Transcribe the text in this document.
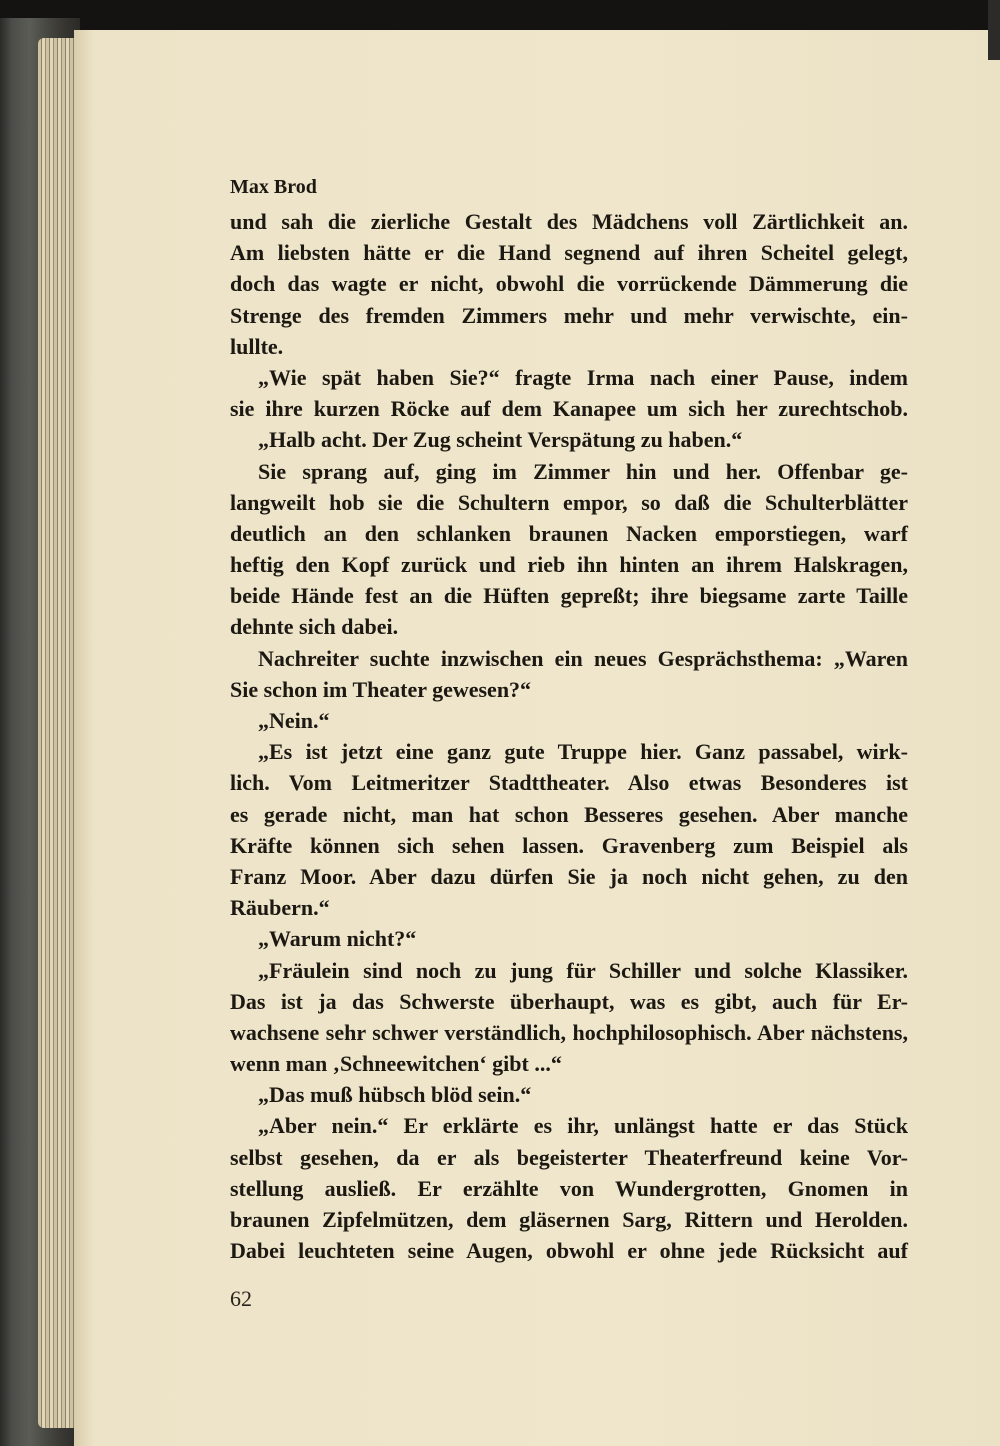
Max Brod
und sah die zierliche Gestalt des Mädchens voll Zärtlichkeit an.
Am liebsten hätte er die Hand segnend auf ihren Scheitel gelegt,
doch das wagte er nicht, obwohl die vorrückende Dämmerung die
Strenge des fremden Zimmers mehr und mehr verwischte, ein-
lullte.
„Wie spät haben Sie?“ fragte Irma nach einer Pause, indem
sie ihre kurzen Röcke auf dem Kanapee um sich her zurechtschob.
„Halb acht. Der Zug scheint Verspätung zu haben.“
Sie sprang auf, ging im Zimmer hin und her. Offenbar ge-
langweilt hob sie die Schultern empor, so daß die Schulterblätter
deutlich an den schlanken braunen Nacken emporstiegen, warf
heftig den Kopf zurück und rieb ihn hinten an ihrem Halskragen,
beide Hände fest an die Hüften gepreßt; ihre biegsame zarte Taille
dehnte sich dabei.
Nachreiter suchte inzwischen ein neues Gesprächsthema: „Waren
Sie schon im Theater gewesen?“
„Nein.“
„Es ist jetzt eine ganz gute Truppe hier. Ganz passabel, wirk-
lich. Vom Leitmeritzer Stadttheater. Also etwas Besonderes ist
es gerade nicht, man hat schon Besseres gesehen. Aber manche
Kräfte können sich sehen lassen. Gravenberg zum Beispiel als
Franz Moor. Aber dazu dürfen Sie ja noch nicht gehen, zu den
Räubern.“
„Warum nicht?“
„Fräulein sind noch zu jung für Schiller und solche Klassiker.
Das ist ja das Schwerste überhaupt, was es gibt, auch für Er-
wachsene sehr schwer verständlich, hochphilosophisch. Aber nächstens,
wenn man ‚Schneewitchen‘ gibt ...“
„Das muß hübsch blöd sein.“
„Aber nein.“ Er erklärte es ihr, unlängst hatte er das Stück
selbst gesehen, da er als begeisterter Theaterfreund keine Vor-
stellung ausließ. Er erzählte von Wundergrotten, Gnomen in
braunen Zipfelmützen, dem gläsernen Sarg, Rittern und Herolden.
Dabei leuchteten seine Augen, obwohl er ohne jede Rücksicht auf
62
